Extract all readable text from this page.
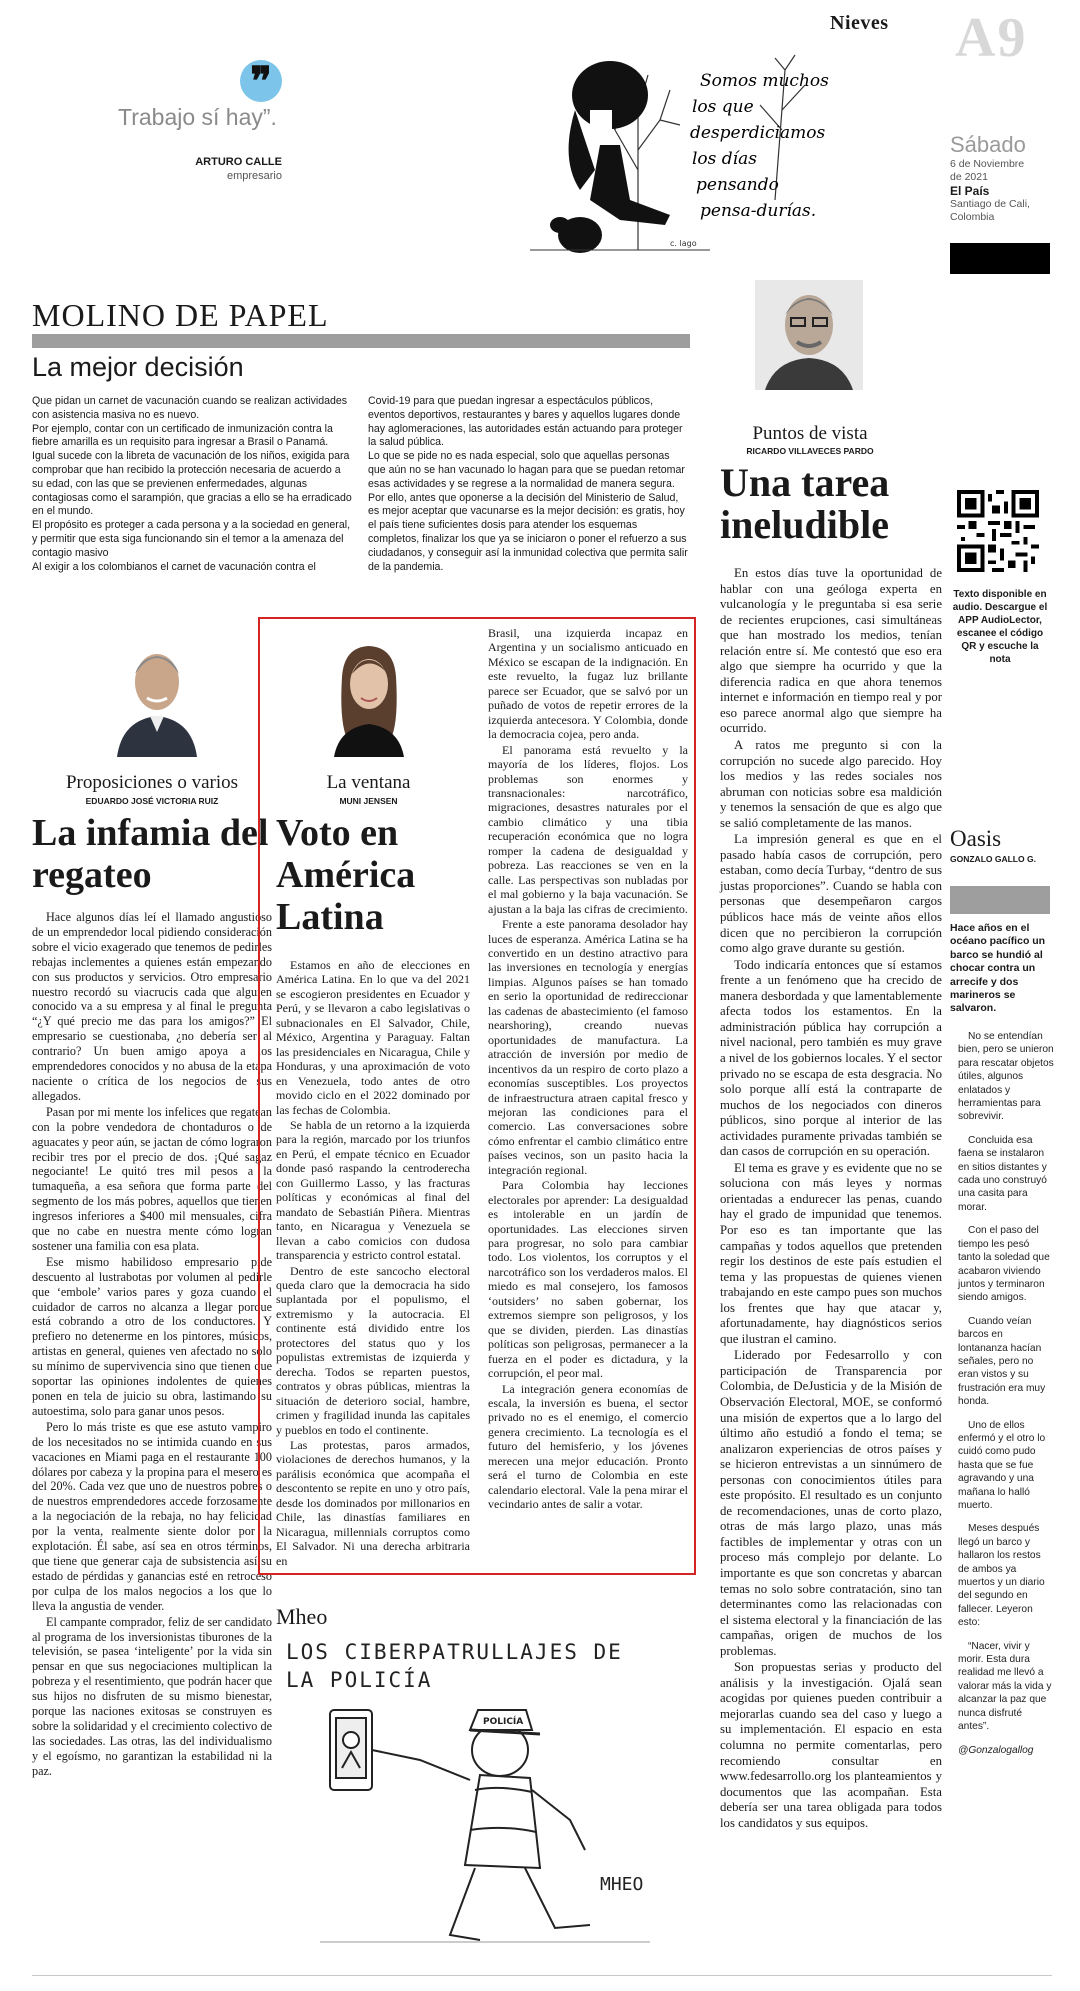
Nieves A9
Sábado
6 de Noviembre de 2021
El País
Santiago de Cali, Colombia
❞
Trabajo sí hay”.
ARTURO CALLE
empresario
Somos muchos
los que
desperdiciamos
los días
pensando
pensa-durías.
c. lago
MOLINO DE PAPEL
La mejor decisión

Que pidan un carnet de vacunación cuando se realizan actividades con asistencia masiva no es nuevo.

Por ejemplo, contar con un certificado de inmunización contra la fiebre amarilla es un requisito para ingresar a Brasil o Panamá.

Igual sucede con la libreta de vacunación de los niños, exigida para comprobar que han recibido la protección necesaria de acuerdo a su edad, con las que se previenen enfermedades, algunas contagiosas como el sarampión, que gracias a ello se ha erradicado en el mundo.

El propósito es proteger a cada persona y a la sociedad en general, y permitir que esta siga funcionando sin el temor a la amenaza del contagio masivo

Al exigir a los colombianos el carnet de vacunación contra el

Covid-19 para que puedan ingresar a espectáculos públicos, eventos deportivos, restaurantes y bares y aquellos lugares donde hay aglomeraciones, las autoridades están actuando para proteger la salud pública.

Lo que se pide no es nada especial, solo que aquellas personas que aún no se han vacunado lo hagan para que se puedan retomar esas actividades y se regrese a la normalidad de manera segura.

Por ello, antes que oponerse a la decisión del Ministerio de Salud, es mejor aceptar que vacunarse es la mejor decisión: es gratis, hoy el país tiene suficientes dosis para atender los esquemas completos, finalizar los que ya se iniciaron o poner el refuerzo a sus ciudadanos, y conseguir así la inmunidad colectiva que permita salir de la pandemia.

Puntos de vista
RICARDO VILLAVECES PARDO
Una tarea ineludible

En estos días tuve la oportunidad de hablar con una geóloga experta en vulcanología y le preguntaba si esa serie de recientes erupciones, casi simultáneas que han mostrado los medios, tenían relación entre sí. Me contestó que eso era algo que siempre ha ocurrido y que la diferencia radica en que ahora tenemos internet e información en tiempo real y por eso parece anormal algo que siempre ha ocurrido.

A ratos me pregunto si con la corrupción no sucede algo parecido. Hoy los medios y las redes sociales nos abruman con noticias sobre esa maldición y tenemos la sensación de que es algo que se salió completamente de las manos.

La impresión general es que en el pasado había casos de corrupción, pero estaban, como decía Turbay, “dentro de sus justas proporciones”. Cuando se habla con personas que desempeñaron cargos públicos hace más de veinte años ellos dicen que no percibieron la corrupción como algo grave durante su gestión.

Todo indicaría entonces que sí estamos frente a un fenómeno que ha crecido de manera desbordada y que lamentablemente afecta todos los estamentos. En la administración pública hay corrupción a nivel nacional, pero también es muy grave a nivel de los gobiernos locales. Y el sector privado no se escapa de esta desgracia. No solo porque allí está la contraparte de muchos de los negociados con dineros públicos, sino porque al interior de las actividades puramente privadas también se dan casos de corrupción en su operación.

El tema es grave y es evidente que no se soluciona con más leyes y normas orientadas a endurecer las penas, cuando hay el grado de impunidad que tenemos. Por eso es tan importante que las campañas y todos aquellos que pretenden regir los destinos de este país estudien el tema y las propuestas de quienes vienen trabajando en este campo pues son muchos los frentes que hay que atacar y, afortunadamente, hay diagnósticos serios que ilustran el camino.

Liderado por Fedesarrollo y con participación de Transparencia por Colombia, de DeJusticia y de la Misión de Observación Electoral, MOE, se conformó una misión de expertos que a lo largo del último año estudió a fondo el tema; se analizaron experiencias de otros países y se hicieron entrevistas a un sinnúmero de personas con conocimientos útiles para este propósito. El resultado es un conjunto de recomendaciones, unas de corto plazo, otras de más largo plazo, unas más factibles de implementar y otras con un proceso más complejo por delante. Lo importante es que son concretas y abarcan temas no solo sobre contratación, sino tan determinantes como las relacionadas con el sistema electoral y la financiación de las campañas, origen de muchos de los problemas.

Son propuestas serias y producto del análisis y la investigación. Ojalá sean acogidas por quienes pueden contribuir a mejorarlas cuando sea del caso y luego a su implementación. El espacio en esta columna no permite comentarlas, pero recomiendo consultar en www.fedesarrollo.org los planteamientos y documentos que las acompañan. Esta debería ser una tarea obligada para todos los candidatos y sus equipos.

Texto disponible en audio. Descargue el APP AudioLector, escanee el código QR y escuche la nota
Oasis
GONZALO GALLO G.
Hace años en el océano pacífico un barco se hundió al chocar contra un arrecife y dos marineros se salvaron.

No se entendían bien, pero se unieron para rescatar objetos útiles, algunos enlatados y herramientas para sobrevivir.

Concluida esa faena se instalaron en sitios distantes y cada uno construyó una casita para morar.

Con el paso del tiempo les pesó tanto la soledad que acabaron viviendo juntos y terminaron siendo amigos.

Cuando veían barcos en lontananza hacían señales, pero no eran vistos y su frustración era muy honda.

Uno de ellos enfermó y el otro lo cuidó como pudo hasta que se fue agravando y una mañana lo halló muerto.

Meses después llegó un barco y hallaron los restos de ambos ya muertos y un diario del segundo en fallecer. Leyeron esto:

“Nacer, vivir y morir. Esta dura realidad me llevó a valorar más la vida y alcanzar la paz que nunca disfruté antes”.

@Gonzalogallog

Proposiciones o varios
EDUARDO JOSÉ VICTORIA RUIZ
La infamia del regateo

Hace algunos días leí el llamado angustioso de un emprendedor local pidiendo consideración sobre el vicio exagerado que tenemos de pedirles rebajas inclementes a quienes están empezando con sus productos y servicios. Otro empresario nuestro recordó su viacrucis cada que alguien conocido va a su empresa y al final le pregunta “¿Y qué precio me das para los amigos?” El empresario se cuestionaba, ¿no debería ser al contrario? Un buen amigo apoya a los emprendedores conocidos y no abusa de la etapa naciente o crítica de los negocios de sus allegados.

Pasan por mi mente los infelices que regatean con la pobre vendedora de chontaduros o de aguacates y peor aún, se jactan de cómo lograron recibir tres por el precio de dos. ¡Qué sagaz negociante! Le quitó tres mil pesos a la tumaqueña, a esa señora que forma parte del segmento de los más pobres, aquellos que tienen ingresos inferiores a $400 mil mensuales, cifra que no cabe en nuestra mente cómo logran sostener una familia con esa plata.

Ese mismo habilidoso empresario pide descuento al lustrabotas por volumen al pedirle que ‘embole’ varios pares y goza cuando el cuidador de carros no alcanza a llegar porque está cobrando a otro de los conductores. Y prefiero no detenerme en los pintores, músicos, artistas en general, quienes ven afectado no solo su mínimo de supervivencia sino que tienen que soportar las opiniones indolentes de quienes ponen en tela de juicio su obra, lastimando su autoestima, solo para ganar unos pesos.

Pero lo más triste es que ese astuto vampiro de los necesitados no se intimida cuando en sus vacaciones en Miami paga en el restaurante 100 dólares por cabeza y la propina para el mesero es del 20%. Cada vez que uno de nuestros pobres o de nuestros emprendedores accede forzosamente a la negociación de la rebaja, no hay felicidad por la venta, realmente siente dolor por la explotación. Él sabe, así sea en otros términos, que tiene que generar caja de subsistencia así su estado de pérdidas y ganancias esté en retroceso por culpa de los malos negocios a los que lo lleva la angustia de vender.

El campante comprador, feliz de ser candidato al programa de los inversionistas tiburones de la televisión, se pasea ‘inteligente’ por la vida sin pensar en que sus negociaciones multiplican la pobreza y el resentimiento, que podrán hacer que sus hijos no disfruten de su mismo bienestar, porque las naciones exitosas se construyen es sobre la solidaridad y el crecimiento colectivo de las sociedades. Las otras, las del individualismo y el egoísmo, no garantizan la estabilidad ni la paz.

La ventana
MUNI JENSEN
Voto en América Latina

Estamos en año de elecciones en América Latina. En lo que va del 2021 se escogieron presidentes en Ecuador y Perú, y se llevaron a cabo legislativas o subnacionales en El Salvador, Chile, México, Argentina y Paraguay. Faltan las presidenciales en Nicaragua, Chile y Honduras, y una aproximación de voto en Venezuela, todo antes de otro movido ciclo en el 2022 dominado por las fechas de Colombia.

Se habla de un retorno a la izquierda para la región, marcado por los triunfos en Perú, el empate técnico en Ecuador donde pasó raspando la centroderecha con Guillermo Lasso, y las fracturas políticas y económicas al final del mandato de Sebastián Piñera. Mientras tanto, en Nicaragua y Venezuela se llevan a cabo comicios con dudosa transparencia y estricto control estatal.

Dentro de este sancocho electoral queda claro que la democracia ha sido suplantada por el populismo, el extremismo y la autocracia. El continente está dividido entre los protectores del status quo y los populistas extremistas de izquierda y derecha. Todos se reparten puestos, contratos y obras públicas, mientras la situación de deterioro social, hambre, crimen y fragilidad inunda las capitales y pueblos en todo el continente.

Las protestas, paros armados, violaciones de derechos humanos, y la parálisis económica que acompaña el descontento se repite en uno y otro país, desde los dominados por millonarios en Chile, las dinastías familiares en Nicaragua, millennials corruptos como El Salvador. Ni una derecha arbitraria en

Brasil, una izquierda incapaz en Argentina y un socialismo anticuado en México se escapan de la indignación. En este revuelto, la fugaz luz brillante parece ser Ecuador, que se salvó por un puñado de votos de repetir errores de la izquierda antecesora. Y Colombia, donde la democracia cojea, pero anda.

El panorama está revuelto y la mayoría de los líderes, flojos. Los problemas son enormes y transnacionales: narcotráfico, migraciones, desastres naturales por el cambio climático y una tibia recuperación económica que no logra romper la cadena de desigualdad y pobreza. Las reacciones se ven en la calle. Las perspectivas son nubladas por el mal gobierno y la baja vacunación. Se ajustan a la baja las cifras de crecimiento.

Frente a este panorama desolador hay luces de esperanza. América Latina se ha convertido en un destino atractivo para las inversiones en tecnología y energías limpias. Algunos países se han tomado en serio la oportunidad de redireccionar las cadenas de abastecimiento (el famoso nearshoring), creando nuevas oportunidades de manufactura. La atracción de inversión por medio de incentivos da un respiro de corto plazo a economías susceptibles. Los proyectos de infraestructura atraen capital fresco y mejoran las condiciones para el comercio. Las conversaciones sobre cómo enfrentar el cambio climático entre países vecinos, son un pasito hacia la integración regional.

Para Colombia hay lecciones electorales por aprender: La desigualdad es intolerable en un jardín de oportunidades. Las elecciones sirven para progresar, no solo para cambiar todo. Los violentos, los corruptos y el narcotráfico son los verdaderos malos. El miedo es mal consejero, los famosos ‘outsiders’ no saben gobernar, los extremos siempre son peligrosos, y los que se dividen, pierden. Las dinastías políticas son peligrosas, permanecer a la fuerza en el poder es dictadura, y la corrupción, el peor mal.

La integración genera economías de escala, la inversión es buena, el sector privado no es el enemigo, el comercio genera crecimiento. La tecnología es el futuro del hemisferio, y los jóvenes merecen una mejor educación. Pronto será el turno de Colombia en este calendario electoral. Vale la pena mirar el vecindario antes de salir a votar.

Mheo
LOS CIBERPATRULLAJES DE
LA POLICÍA
POLICÍA
MHEO
